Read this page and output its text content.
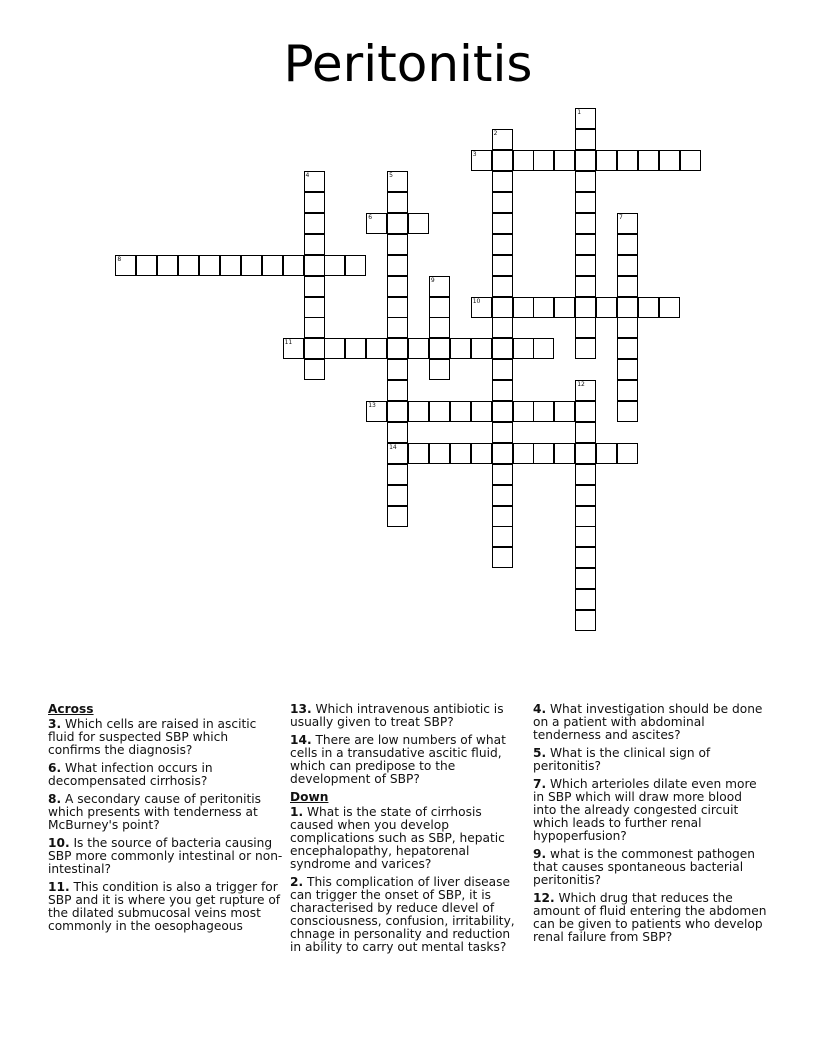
Peritonitis
1
2
3
4	5
6	7
8
9
10
11
12
13
14
Across
3. Which cells are raised in ascitic fluid for suspected SBP which confirms the diagnosis?
6. What infection occurs in decompensated cirrhosis?
8. A secondary cause of peritonitis which presents with tenderness at McBurney's point?
10. Is the source of bacteria causing SBP more commonly intestinal or non-intestinal?
11. This condition is also a trigger for SBP and it is where you get rupture of the dilated submucosal veins most commonly in the oesophageous
13. Which intravenous antibiotic is usually given to treat SBP?
14. There are low numbers of what cells in a transudative ascitic fluid, which can predipose to the development of SBP?
Down
1. What is the state of cirrhosis caused when you develop complications such as SBP, hepatic encephalopathy, hepatorenal syndrome and varices?
2. This complication of liver disease can trigger the onset of SBP, it is characterised by reduce dlevel of consciousness, confusion, irritability, chnage in personality and reduction in ability to carry out mental tasks?
4. What investigation should be done on a patient with abdominal tenderness and ascites?
5. What is the clinical sign of peritonitis?
7. Which arterioles dilate even more in SBP which will draw more blood into the already congested circuit which leads to further renal hypoperfusion?
9. what is the commonest pathogen that causes spontaneous bacterial peritonitis?
12. Which drug that reduces the amount of fluid entering the abdomen can be given to patients who develop renal failure from SBP?
